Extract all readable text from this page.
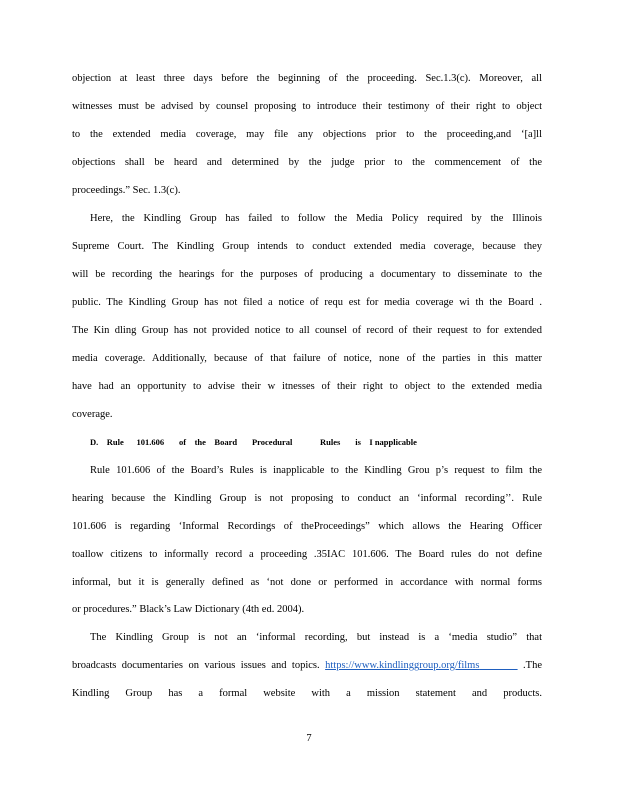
objection at least three days before the beginning of the proceeding. Sec.1.3(c). Moreover, all
witnesses must be advised by counsel proposing to introduce their testimony of their right to object
to the extended media coverage, may file any objections prior to the proceeding,and ‘[a]ll
objections shall be heard and determined by the judge prior to the commencement of the
proceedings.” Sec. 1.3(c).
Here, the Kindling Group has failed to follow the Media Policy required by the Illinois
Supreme Court. The Kindling Group intends to conduct extended media coverage, because they
will be recording the hearings for the purposes of producing a documentary to disseminate to the
public. The Kindling Group has not filed a notice of requ est for media coverage wi th the Board .
The Kin dling Group has not provided notice to all counsel of record of their request to for extended
media coverage. Additionally, because of that failure of notice, none of the parties in this matter
have had an opportunity to advise their w itnesses of their right to object to the extended media
coverage.
D.    Rule      101.606       of    the    Board       Procedural             Rules       is    I napplicable
Rule 101.606 of the Board’s Rules is inapplicable to the Kindling Grou p’s request to film the
hearing because the Kindling Group is not proposing to conduct an ‘informal recording’’. Rule
101.606 is regarding ‘Informal Recordings of theProceedings” which allows the Hearing Officer
toallow citizens to informally record a proceeding .35IAC 101.606. The Board rules do not define
informal, but it is generally defined as ‘not done or performed in accordance with normal forms
or procedures.” Black’s Law Dictionary (4th ed. 2004).
The Kindling Group is not an ‘informal recording, but instead is a ‘media studio” that
broadcasts documentaries on various issues and topics. https://www.kindlinggroup.org/films	.The
Kindling Group has a formal website with a mission statement and products.
7
